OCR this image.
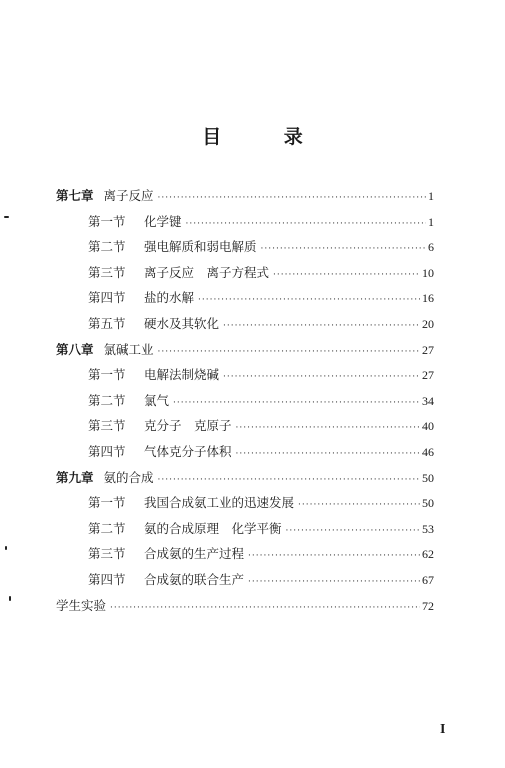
目 录
第七章 离子反应 ·····	1
第一节	化学键 ·····	1
第二节	强电解质和弱电解质 ·····	6
第三节	离子反应　离子方程式 ·····	10
第四节	盐的水解 ·····	16
第五节	硬水及其软化 ·····	20
第八章 氯碱工业 ·····	27
第一节	电解法制烧碱 ·····	27
第二节	氯气 ·····	34
第三节	克分子　克原子 ·····	40
第四节	气体克分子体积 ·····	46
第九章 氨的合成 ·····	50
第一节	我国合成氨工业的迅速发展 ·····	50
第二节	氨的合成原理　化学平衡 ·····	53
第三节	合成氨的生产过程 ·····	62
第四节	合成氨的联合生产 ·····	67
学生实验 ·····	72
I
